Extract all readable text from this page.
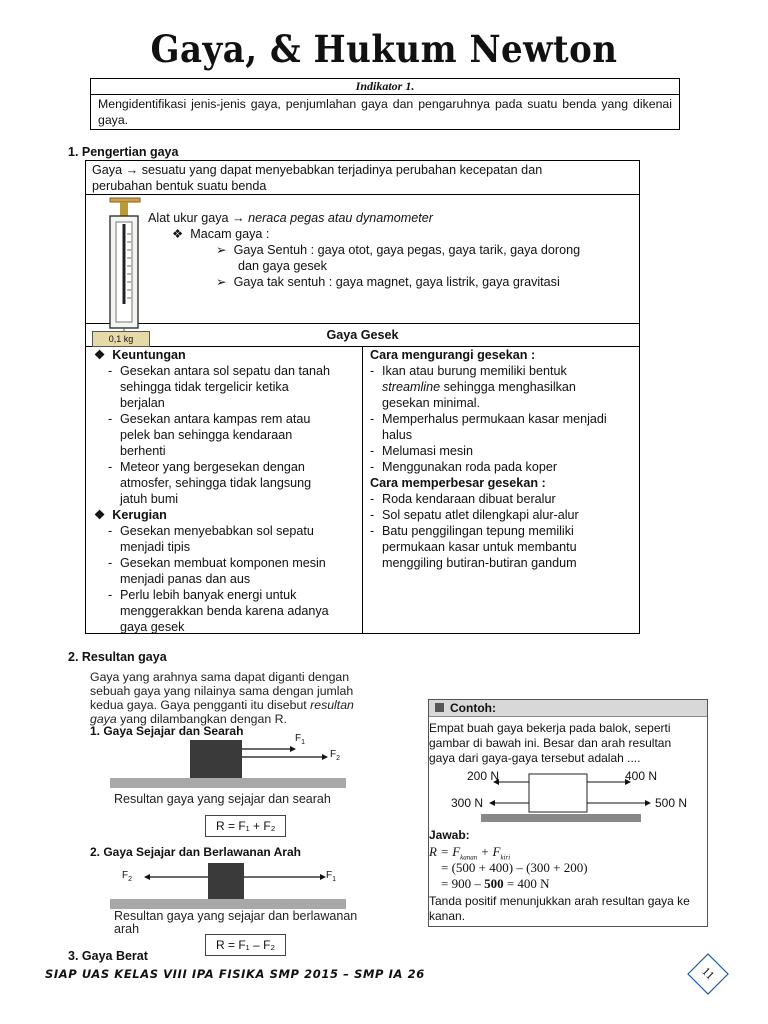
Gaya, & Hukum Newton
Indikator 1.
Mengidentifikasi jenis-jenis gaya, penjumlahan gaya dan pengaruhnya pada suatu benda yang dikenai gaya.
1. Pengertian gaya
Gaya → sesuatu yang dapat menyebabkan terjadinya perubahan kecepatan dan
perubahan bentuk suatu benda
Alat ukur gaya → neraca pegas atau dynamometer
❖ Macam gaya :
➢ Gaya Sentuh : gaya otot, gaya pegas, gaya tarik, gaya dorong
dan gaya gesek
➢ Gaya tak sentuh : gaya magnet, gaya listrik, gaya gravitasi
Gaya Gesek
0,1 kg
❖ Keuntungan
- Gesekan antara sol sepatu dan tanah
sehingga tidak tergelicir ketika
berjalan
- Gesekan antara kampas rem atau
pelek ban sehingga kendaraan
berhenti
- Meteor yang bergesekan dengan
atmosfer, sehingga tidak langsung
jatuh bumi
❖ Kerugian
- Gesekan menyebabkan sol sepatu
menjadi tipis
- Gesekan membuat komponen mesin
menjadi panas dan aus
- Perlu lebih banyak energi untuk
menggerakkan benda karena adanya
gaya gesek
Cara mengurangi gesekan :
- Ikan atau burung memiliki bentuk
streamline sehingga menghasilkan
gesekan minimal.
- Memperhalus permukaan kasar menjadi
halus
- Melumasi mesin
- Menggunakan roda pada koper
Cara memperbesar gesekan :
- Roda kendaraan dibuat beralur
- Sol sepatu atlet dilengkapi alur-alur
- Batu penggilingan tepung memiliki
permukaan kasar untuk membantu
menggiling butiran-butiran gandum
2. Resultan gaya
Gaya yang arahnya sama dapat diganti dengan
sebuah gaya yang nilainya sama dengan jumlah
kedua gaya. Gaya pengganti itu disebut resultan
gaya yang dilambangkan dengan R.
1. Gaya Sejajar dan Searah
$F_1$
$F_2$
Resultan gaya yang sejajar dan searah
R = F₁ + F₂
2. Gaya Sejajar dan Berlawanan Arah
$F_2$	$F_1$
Resultan gaya yang sejajar dan berlawanan
arah
R = F₁ – F₂
Contoh:
Empat buah gaya bekerja pada balok, seperti
gambar di bawah ini. Besar dan arah resultan
gaya dari gaya-gaya tersebut adalah ....
200 N	400 N
300 N	500 N
Jawab:
$R = F_{kanan} + F_{kiri}$
= (500 + 400) – (300 + 200)
= 900 – 500 = 400 N
Tanda positif menunjukkan arah resultan gaya ke
kanan.
3. Gaya Berat
SIAP UAS KELAS VIII IPA FISIKA SMP 2015 – SMP IA 26	11
